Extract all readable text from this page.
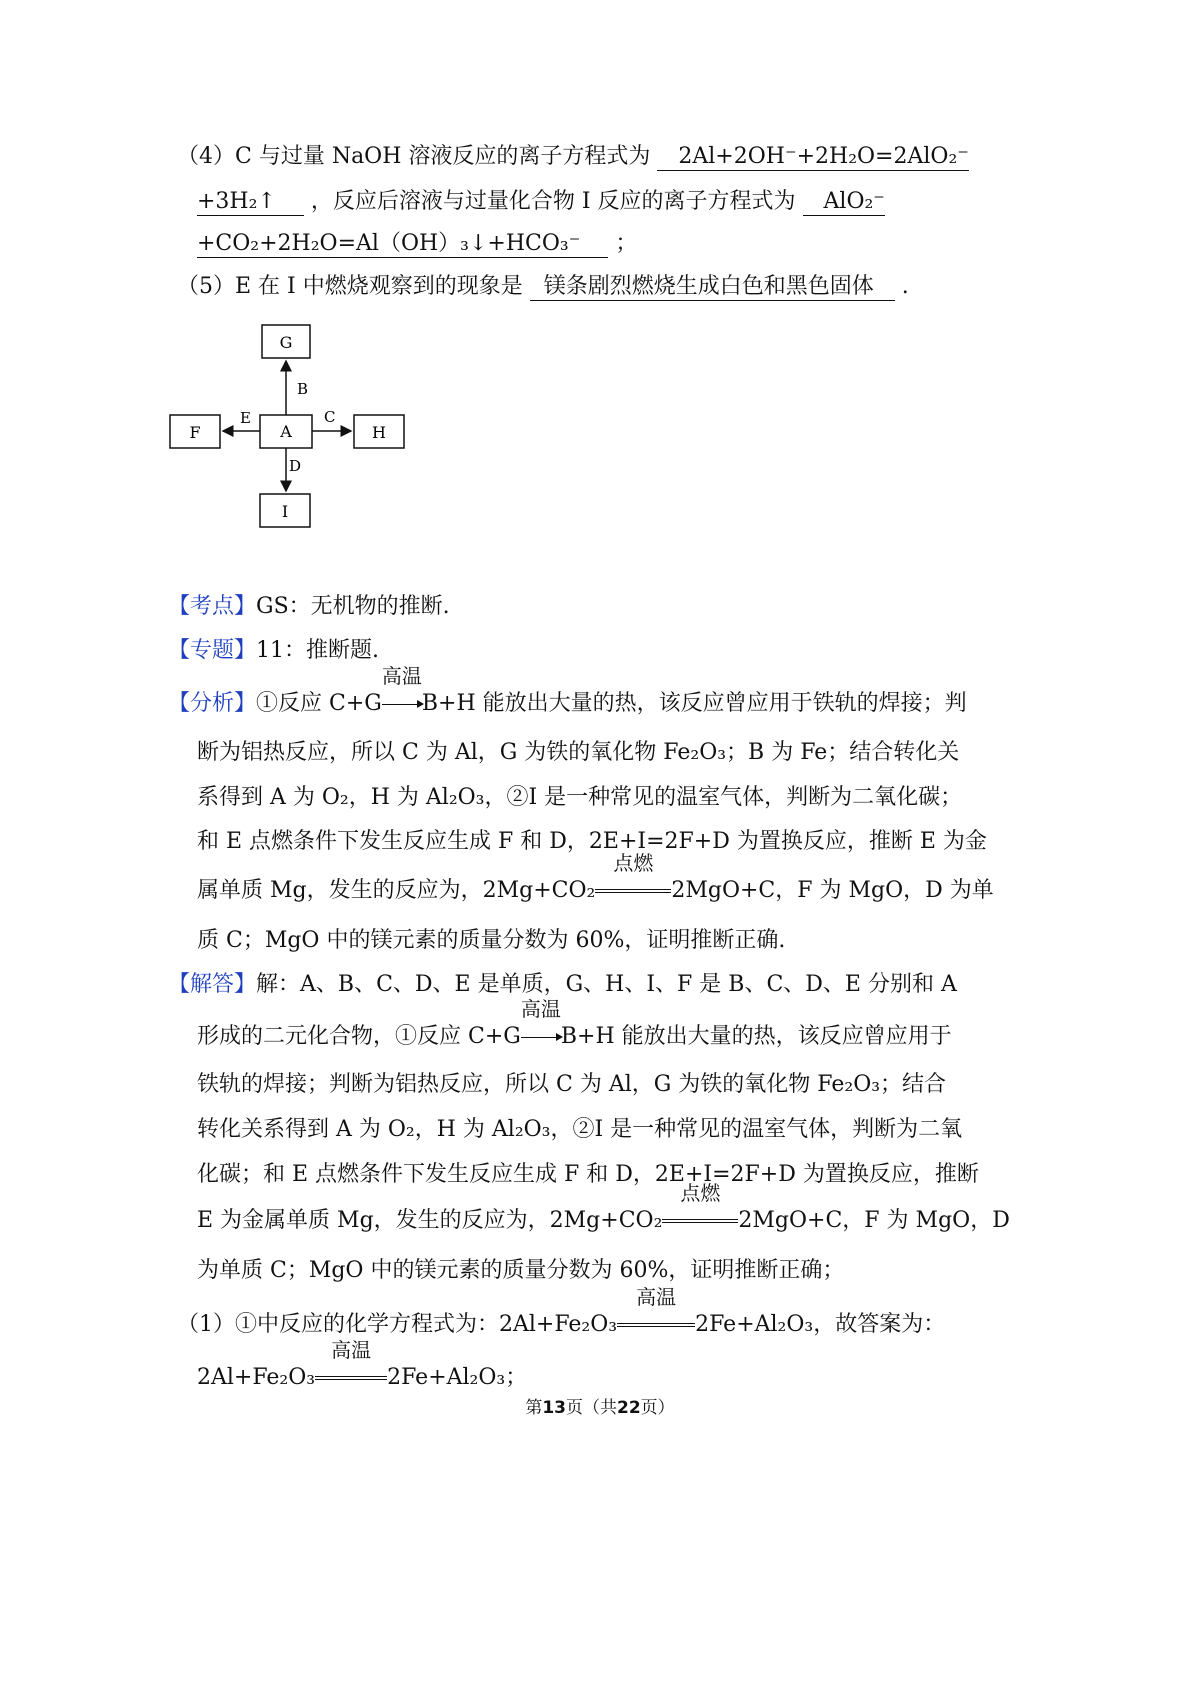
（4）C 与过量 NaOH 溶液反应的离子方程式为 2Al+2OH⁻+2H₂O=2AlO₂⁻
+3H₂↑ ，反应后溶液与过量化合物 I 反应的离子方程式为 AlO₂⁻
+CO₂+2H₂O=Al（OH）₃↓+HCO₃⁻ ；
（5）E 在 I 中燃烧观察到的现象是 镁条剧烈燃烧生成白色和黑色固体 .
G
A
F	H
I
B
E	C
D
【考点】GS：无机物的推断.
【专题】11：推断题.
【分析】①反应 C+G
高温
B+H 能放出大量的热，该反应曾应用于铁轨的焊接；判
断为铝热反应，所以 C 为 Al，G 为铁的氧化物 Fe₂O₃；B 为 Fe；结合转化关
系得到 A 为 O₂，H 为 Al₂O₃，②I 是一种常见的温室气体，判断为二氧化碳；
和 E 点燃条件下发生反应生成 F 和 D，2E+I=2F+D 为置换反应，推断 E 为金
属单质 Mg，发生的反应为，2Mg+CO₂
点燃
2MgO+C，F 为 MgO，D 为单
质 C；MgO 中的镁元素的质量分数为 60%，证明推断正确.
【解答】解：A、B、C、D、E 是单质，G、H、I、F 是 B、C、D、E 分别和 A
形成的二元化合物，①反应 C+G
高温
B+H 能放出大量的热，该反应曾应用于
铁轨的焊接；判断为铝热反应，所以 C 为 Al，G 为铁的氧化物 Fe₂O₃；结合
转化关系得到 A 为 O₂，H 为 Al₂O₃，②I 是一种常见的温室气体，判断为二氧
化碳；和 E 点燃条件下发生反应生成 F 和 D，2E+I=2F+D 为置换反应，推断
E 为金属单质 Mg，发生的反应为，2Mg+CO₂
点燃
2MgO+C，F 为 MgO，D
为单质 C；MgO 中的镁元素的质量分数为 60%，证明推断正确；
（1）①中反应的化学方程式为：2Al+Fe₂O₃
高温
2Fe+Al₂O₃，故答案为：
2Al+Fe₂O₃
高温
2Fe+Al₂O₃；
第13页（共22页）
